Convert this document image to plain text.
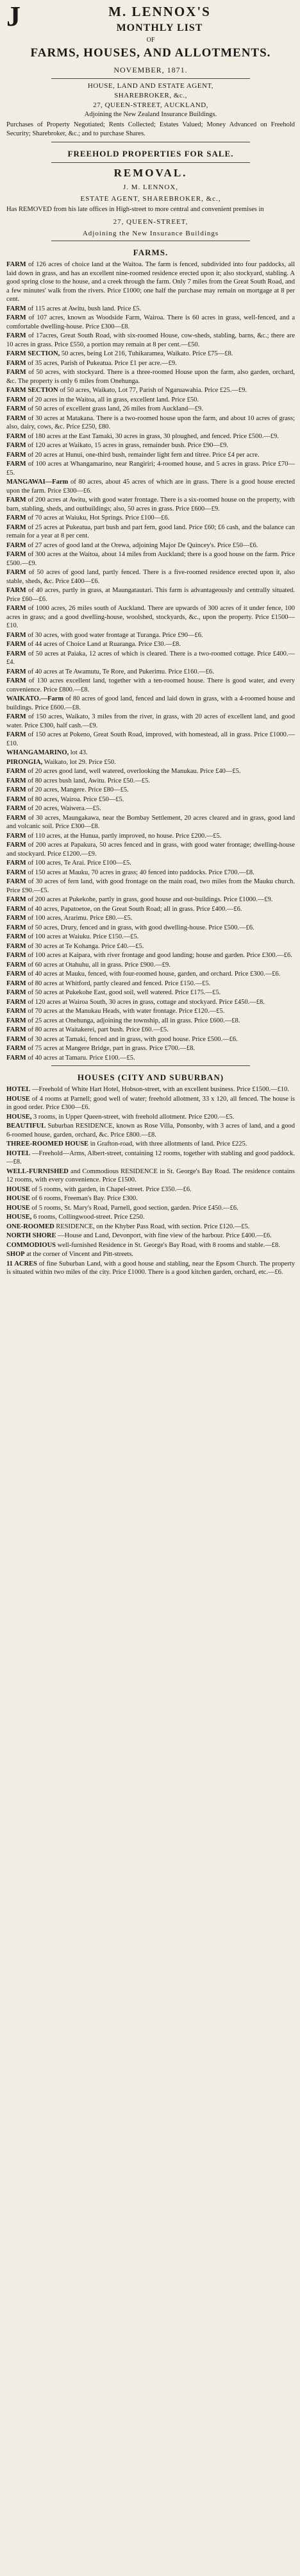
J	M. LENNOX'S
MONTHLY LIST
OF
FARMS, HOUSES, AND ALLOTMENTS.
NOVEMBER, 1871.
HOUSE, LAND AND ESTATE AGENT,
SHAREBROKER, &c.,
27, QUEEN-STREET, AUCKLAND,
Adjoining the New Zealand Insurance Buildings.

Purchases of Property Negotiated; Rents Collected; Estates Valued; Money Advanced on Freehold Security; Sharebroker, &c.; and to purchase Shares.

FREEHOLD PROPERTIES FOR SALE.
REMOVAL.
J. M. LENNOX,
ESTATE AGENT, SHAREBROKER, &c.,

Has REMOVED from his late offices in High-street to more central and convenient premises in

27, QUEEN-STREET,
Adjoining the New Insurance Buildings
FARMS.

FARM of 126 acres of choice land at the Waitoa. The farm is fenced, subdivided into four paddocks, all laid down in grass, and has an excellent nine-roomed residence erected upon it; also stockyard, stabling. A good spring close to the house, and a creek through the farm. Only 7 miles from the Great South Road, and a few minutes' walk from the rivers. Price £1000; one half the purchase may remain on mortgage at 8 per cent.

FARM of 115 acres at Awitu, bush land. Price £5.

FARM of 107 acres, known as Woodside Farm, Wairoa. There is 60 acres in grass, well-fenced, and a comfortable dwelling-house. Price £300—£8.

FARM of 17acres, Great South Road, with six-roomed House, cow-sheds, stabling, barns, &c.; there are 10 acres in grass. Price £550, a portion may remain at 8 per cent.—£50.

FARM SECTION, 50 acres, being Lot 216, Tuhikaramea, Waikato. Price £75—£8.

FARM of 35 acres, Parish of Pukeatua. Price £1 per acre.—£9.

FARM of 50 acres, with stockyard. There is a three-roomed House upon the farm, also garden, orchard, &c. The property is only 6 miles from Onehunga.

FARM SECTION of 50 acres, Waikato, Lot 77, Parish of Ngaruawahia. Price £25.—£9.

FARM of 20 acres in the Waitoa, all in grass, excellent land. Price £50.

FARM of 50 acres of excellent grass land, 26 miles from Auckland—£9.

FARM of 30 acres at Matakana. There is a two-roomed house upon the farm, and about 10 acres of grass; also, dairy, cows, &c. Price £250, £80.

FARM of 180 acres at the East Tamaki, 30 acres in grass, 30 ploughed, and fenced. Price £500.—£9.

FARM of 120 acres at Waikato, 15 acres in grass, remainder bush. Price £90—£9.

FARM of 20 acres at Hunui, one-third bush, remainder light fern and titree. Price £4 per acre.

FARM of 100 acres at Whangamarino, near Rangiriri; 4-roomed house, and 5 acres in grass. Price £70—£5.

MANGAWAI—Farm of 80 acres, about 45 acres of which are in grass. There is a good house erected upon the farm. Price £300—£6.

FARM of 200 acres at Awitu, with good water frontage. There is a six-roomed house on the property, with barn, stabling, sheds, and outbuildings; also, 50 acres in grass. Price £600—£9.

FARM of 70 acres at Waiuku, Hot Springs. Price £100—£6.

FARM of 25 acres at Pukeatua, part bush and part fern, good land. Price £60; £6 cash, and the balance can remain for a year at 8 per cent.

FARM of 27 acres of good land at the Orewa, adjoining Major De Quincey's. Price £50—£6.

FARM of 300 acres at the Waitoa, about 14 miles from Auckland; there is a good house on the farm. Price £500.—£9.

FARM of 50 acres of good land, partly fenced. There is a five-roomed residence erected upon it, also stable, sheds, &c. Price £400—£6.

FARM of 40 acres, partly in grass, at Maungatautari. This farm is advantageously and centrally situated. Price £60—£6.

FARM of 1000 acres, 26 miles south of Auckland. There are upwards of 300 acres of it under fence, 100 acres in grass; and a good dwelling-house, woolshed, stockyards, &c., upon the property. Price £1500—£10.

FARM of 30 acres, with good water frontage at Turanga. Price £90—£6.

FARM of 44 acres of Choice Land at Ruaranga. Price £30.—£8.

FARM of 50 acres at Paiaka, 12 acres of which is cleared. There is a two-roomed cottage. Price £400.—£4.

FARM of 40 acres at Te Awamutu, Te Rore, and Pukerimu. Price £160.—£6.

FARM of 130 acres excellent land, together with a ten-roomed house. There is good water, and every convenience. Price £800.—£8.

WAIKATO.—Farm of 80 acres of good land, fenced and laid down in grass, with a 4-roomed house and buildings. Price £600.—£8.

FARM of 150 acres, Waikato, 3 miles from the river, in grass, with 20 acres of excellent land, and good water. Price £300, half cash.—£9.

FARM of 150 acres at Pokeno, Great South Road, improved, with homestead, all in grass. Price £1000.—£10.

WHANGAMARINO, lot 43.

PIRONGIA, Waikato, lot 29. Price £50.

FARM of 20 acres good land, well watered, overlooking the Manukau. Price £40—£5.

FARM of 80 acres bush land, Awitu. Price £50.—£5.

FARM of 20 acres, Mangere. Price £80—£5.

FARM of 80 acres, Wairoa. Price £50—£5.

FARM of 20 acres, Waiwera.—£5.

FARM of 30 acres, Maungakawa, near the Bombay Settlement, 20 acres cleared and in grass, good land and volcanic soil. Price £300—£8.

FARM of 110 acres, at the Hunua, partly improved, no house. Price £200.—£5.

FARM of 200 acres at Papakura, 50 acres fenced and in grass, with good water frontage; dwelling-house and stockyard. Price £1200.—£9.

FARM of 100 acres, Te Arai. Price £100—£5.

FARM of 150 acres at Mauku, 70 acres in grass; 40 fenced into paddocks. Price £700.—£8.

FARM of 30 acres of fern land, with good frontage on the main road, two miles from the Mauku church. Price £90.—£5.

FARM of 200 acres at Pukekohe, partly in grass, good house and out-buildings. Price £1000.—£9.

FARM of 40 acres, Papatoetoe, on the Great South Road; all in grass. Price £400.—£6.

FARM of 100 acres, Ararimu. Price £80.—£5.

FARM of 50 acres, Drury, fenced and in grass, with good dwelling-house. Price £500.—£6.

FARM of 100 acres at Waiuku. Price £150.—£5.

FARM of 30 acres at Te Kohanga. Price £40.—£5.

FARM of 100 acres at Kaipara, with river frontage and good landing; house and garden. Price £300.—£6.

FARM of 60 acres at Otahuhu, all in grass. Price £900.—£9.

FARM of 40 acres at Mauku, fenced, with four-roomed house, garden, and orchard. Price £300.—£6.

FARM of 80 acres at Whitford, partly cleared and fenced. Price £150.—£5.

FARM of 50 acres at Pukekohe East, good soil, well watered. Price £175.—£5.

FARM of 120 acres at Wairoa South, 30 acres in grass, cottage and stockyard. Price £450.—£8.

FARM of 70 acres at the Manukau Heads, with water frontage. Price £120.—£5.

FARM of 25 acres at Onehunga, adjoining the township, all in grass. Price £600.—£8.

FARM of 80 acres at Waitakerei, part bush. Price £60.—£5.

FARM of 30 acres at Tamaki, fenced and in grass, with good house. Price £500.—£6.

FARM of 75 acres at Mangere Bridge, part in grass. Price £700.—£8.

FARM of 40 acres at Tamaru. Price £100.—£5.

HOUSES (CITY AND SUBURBAN)

HOTEL —Freehold of White Hart Hotel, Hobson-street, with an excellent business. Price £1500.—£10.

HOUSE of 4 rooms at Parnell; good well of water; freehold allotment, 33 x 120, all fenced. The house is in good order. Price £300—£6.

HOUSE, 3 rooms, in Upper Queen-street, with freehold allotment. Price £200.—£5.

BEAUTIFUL Suburban RESIDENCE, known as Rose Villa, Ponsonby, with 3 acres of land, and a good 6-roomed house, garden, orchard, &c. Price £800.—£8.

THREE-ROOMED HOUSE in Grafton-road, with three allotments of land. Price £225.

HOTEL —Freehold—Arms, Albert-street, containing 12 rooms, together with stabling and good paddock.—£8.

WELL-FURNISHED and Commodious RESIDENCE in St. George's Bay Road. The residence contains 12 rooms, with every convenience. Price £1500.

HOUSE of 5 rooms, with garden, in Chapel-street. Price £350.—£6.

HOUSE of 6 rooms, Freeman's Bay. Price £300.

HOUSE of 5 rooms, St. Mary's Road, Parnell, good section, garden. Price £450.—£6.

HOUSE, 6 rooms, Collingwood-street. Price £250.

ONE-ROOMED RESIDENCE, on the Khyber Pass Road, with section. Price £120.—£5.

NORTH SHORE —House and Land, Devonport, with fine view of the harbour. Price £400.—£6.

COMMODIOUS well-furnished Residence in St. George's Bay Road, with 8 rooms and stable.—£8.

SHOP at the corner of Vincent and Pitt-streets.

11 ACRES of fine Suburban Land, with a good house and stabling, near the Epsom Church. The property is situated within two miles of the city. Price £1000. There is a good kitchen garden, orchard, etc.—£6.
